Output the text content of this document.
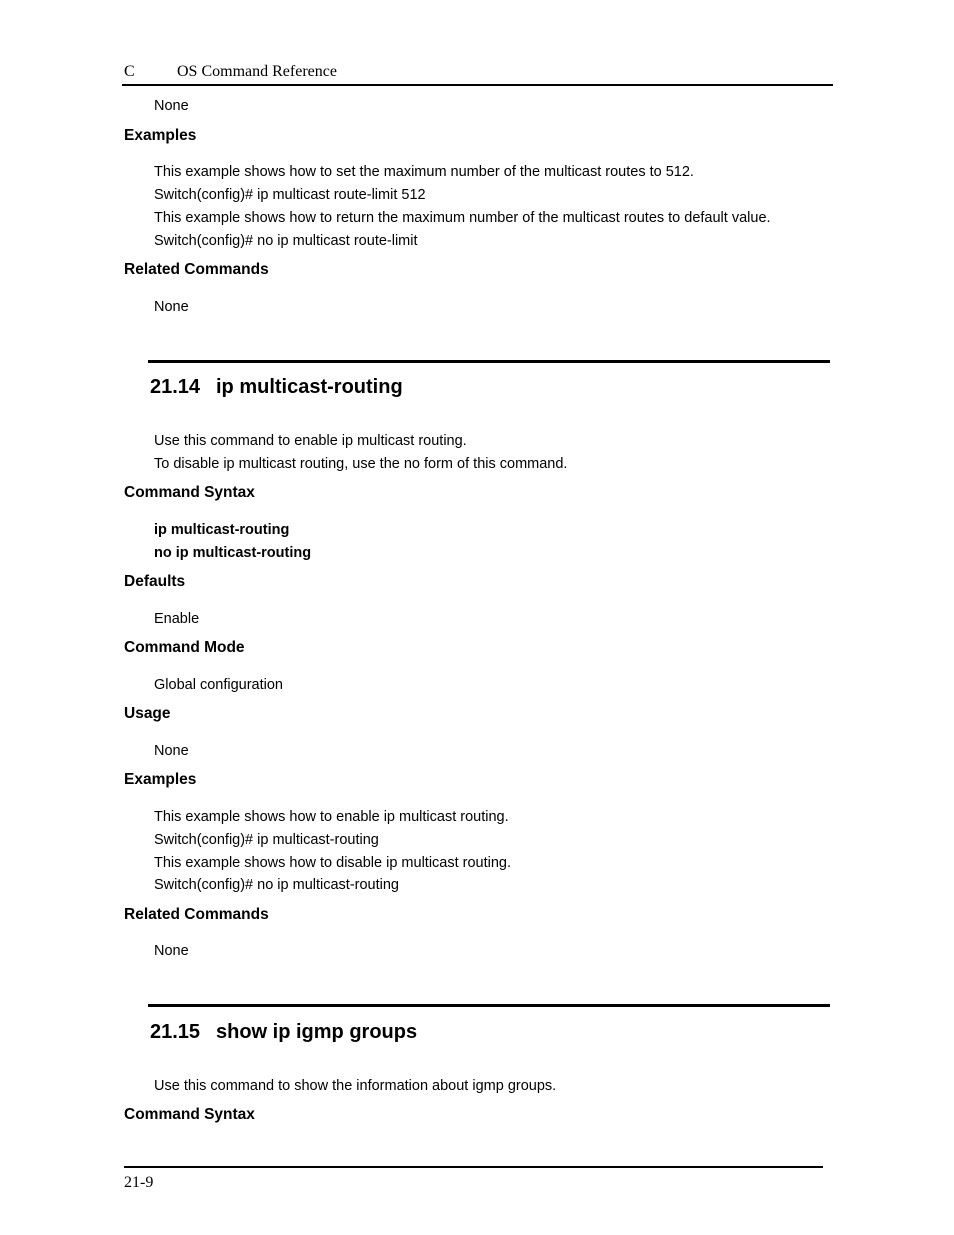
C	OS Command Reference
None
Examples
This example shows how to set the maximum number of the multicast routes to 512.
Switch(config)# ip multicast route-limit 512
This example shows how to return the maximum number of the multicast routes to default value.
Switch(config)# no ip multicast route-limit
Related Commands
None
21.14 ip multicast-routing
Use this command to enable ip multicast routing.
To disable ip multicast routing, use the no form of this command.
Command Syntax
ip multicast-routing
no ip multicast-routing
Defaults
Enable
Command Mode
Global configuration
Usage
None
Examples
This example shows how to enable ip multicast routing.
Switch(config)# ip multicast-routing
This example shows how to disable ip multicast routing.
Switch(config)# no ip multicast-routing
Related Commands
None
21.15 show ip igmp groups
Use this command to show the information about igmp groups.
Command Syntax
21-9
